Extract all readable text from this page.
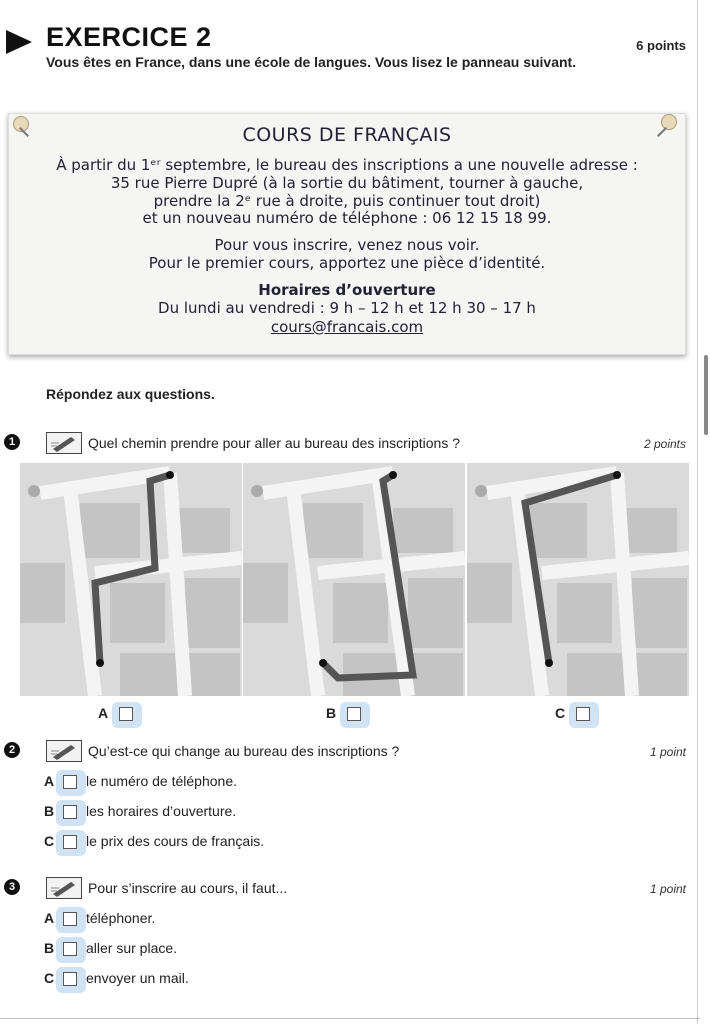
EXERCICE 2	6 points
Vous êtes en France, dans une école de langues. Vous lisez le panneau suivant.
COURS DE FRANÇAIS
À partir du 1ᵉʳ septembre, le bureau des inscriptions a une nouvelle adresse :
35 rue Pierre Dupré (à la sortie du bâtiment, tourner à gauche,
prendre la 2ᵉ rue à droite, puis continuer tout droit)
et un nouveau numéro de téléphone : 06 12 15 18 99.
Pour vous inscrire, venez nous voir.
Pour le premier cours, apportez une pièce d’identité.
Horaires d’ouverture
Du lundi au vendredi : 9 h – 12 h et 12 h 30 – 17 h
cours@francais.com
Répondez aux questions.
1	Quel chemin prendre pour aller au bureau des inscriptions ?	2 points
A	B	C
2	Qu’est-ce qui change au bureau des inscriptions ?	1 point
A le numéro de téléphone.
B les horaires d’ouverture.
C le prix des cours de français.
3	Pour s’inscrire au cours, il faut...	1 point
A téléphoner.
B aller sur place.
C envoyer un mail.
